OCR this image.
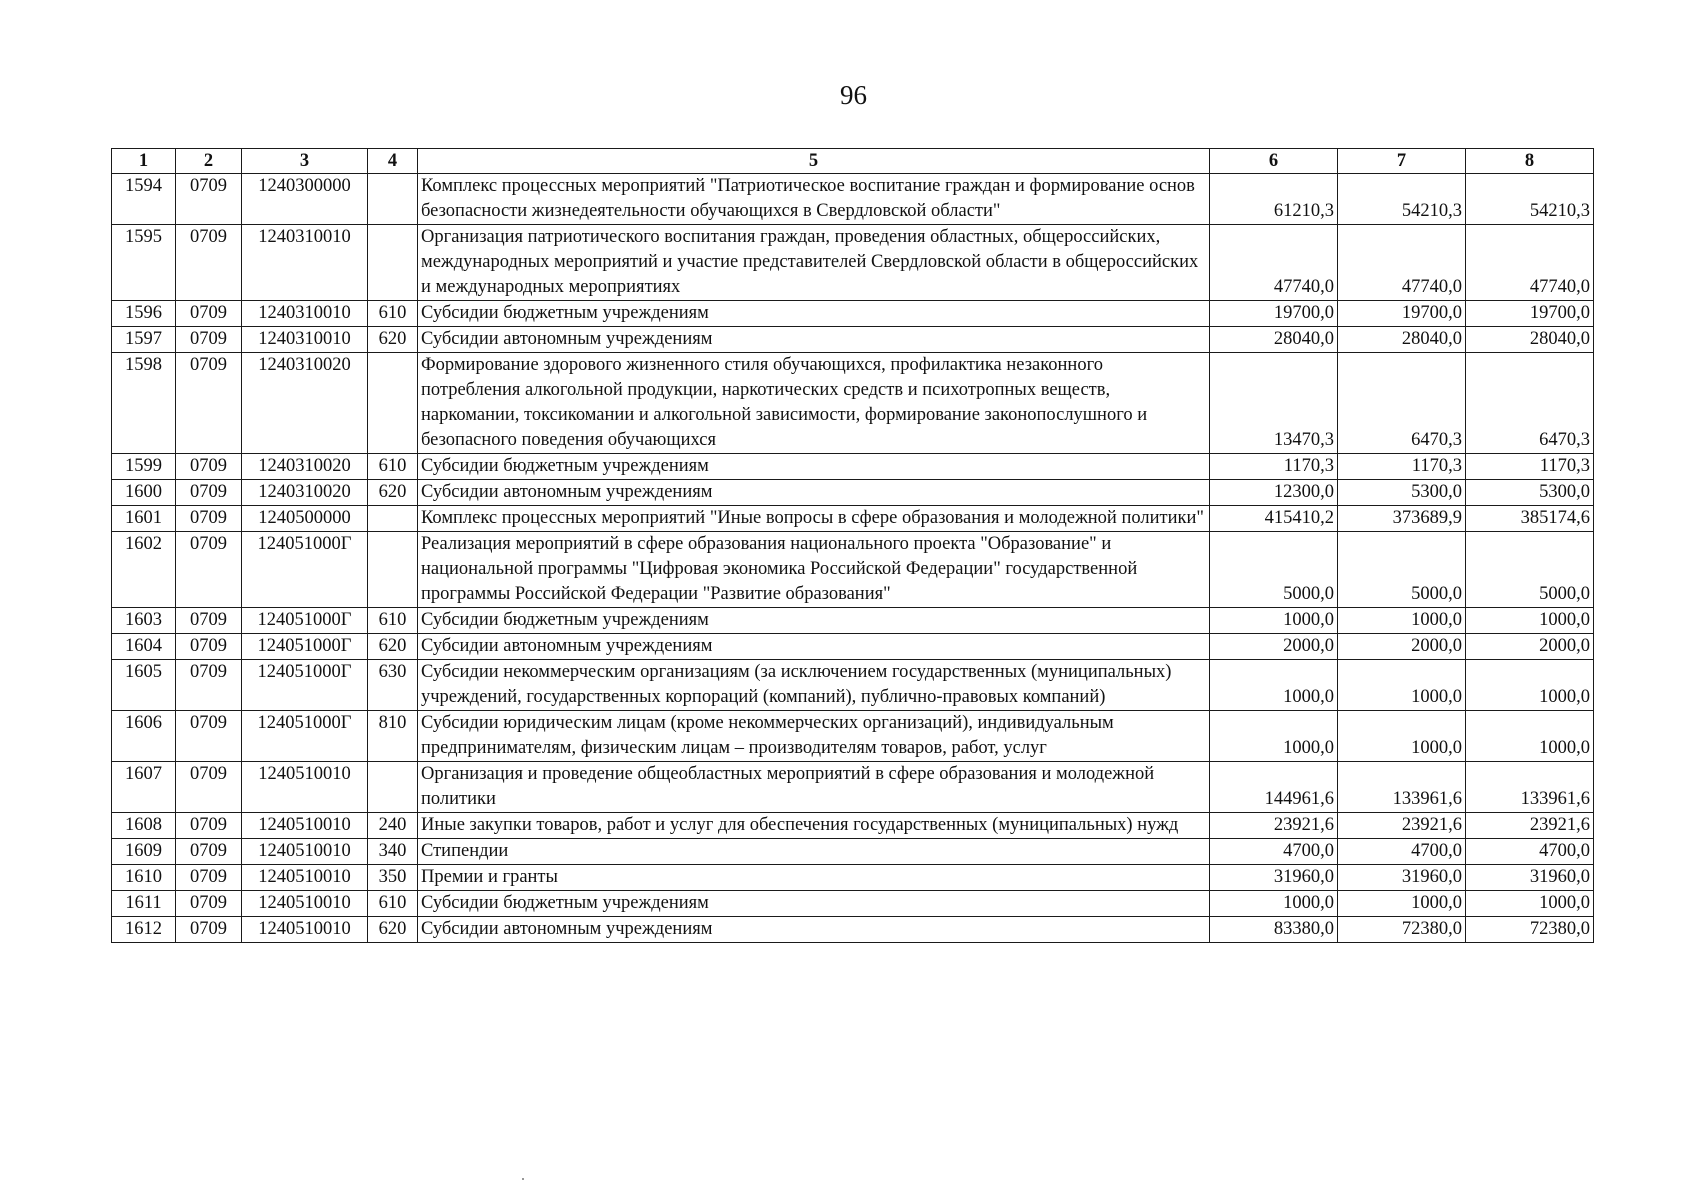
96
1	2	3	4	5	6	7	8
1594	0709	1240300000		Комплекс процессных мероприятий "Патриотическое воспитание граждан и формирование основ безопасности жизнедеятельности обучающихся в Свердловской области"	61210,3	54210,3	54210,3
1595	0709	1240310010		Организация патриотического воспитания граждан, проведения областных, общероссийских, международных мероприятий и участие представителей Свердловской области в общероссийских и международных мероприятиях	47740,0	47740,0	47740,0
1596	0709	1240310010	610	Субсидии бюджетным учреждениям	19700,0	19700,0	19700,0
1597	0709	1240310010	620	Субсидии автономным учреждениям	28040,0	28040,0	28040,0
1598	0709	1240310020		Формирование здорового жизненного стиля обучающихся, профилактика незаконного потребления алкогольной продукции, наркотических средств и психотропных веществ, наркомании, токсикомании и алкогольной зависимости, формирование законопослушного и безопасного поведения обучающихся	13470,3	6470,3	6470,3
1599	0709	1240310020	610	Субсидии бюджетным учреждениям	1170,3	1170,3	1170,3
1600	0709	1240310020	620	Субсидии автономным учреждениям	12300,0	5300,0	5300,0
1601	0709	1240500000		Комплекс процессных мероприятий "Иные вопросы в сфере образования и молодежной политики"	415410,2	373689,9	385174,6
1602	0709	124051000Г		Реализация мероприятий в сфере образования национального проекта "Образование" и национальной программы "Цифровая экономика Российской Федерации" государственной программы Российской Федерации "Развитие образования"	5000,0	5000,0	5000,0
1603	0709	124051000Г	610	Субсидии бюджетным учреждениям	1000,0	1000,0	1000,0
1604	0709	124051000Г	620	Субсидии автономным учреждениям	2000,0	2000,0	2000,0
1605	0709	124051000Г	630	Субсидии некоммерческим организациям (за исключением государственных (муниципальных) учреждений, государственных корпораций (компаний), публично-правовых компаний)	1000,0	1000,0	1000,0
1606	0709	124051000Г	810	Субсидии юридическим лицам (кроме некоммерческих организаций), индивидуальным предпринимателям, физическим лицам – производителям товаров, работ, услуг	1000,0	1000,0	1000,0
1607	0709	1240510010		Организация и проведение общеобластных мероприятий в сфере образования и молодежной политики	144961,6	133961,6	133961,6
1608	0709	1240510010	240	Иные закупки товаров, работ и услуг для обеспечения государственных (муниципальных) нужд	23921,6	23921,6	23921,6
1609	0709	1240510010	340	Стипендии	4700,0	4700,0	4700,0
1610	0709	1240510010	350	Премии и гранты	31960,0	31960,0	31960,0
1611	0709	1240510010	610	Субсидии бюджетным учреждениям	1000,0	1000,0	1000,0
1612	0709	1240510010	620	Субсидии автономным учреждениям	83380,0	72380,0	72380,0
